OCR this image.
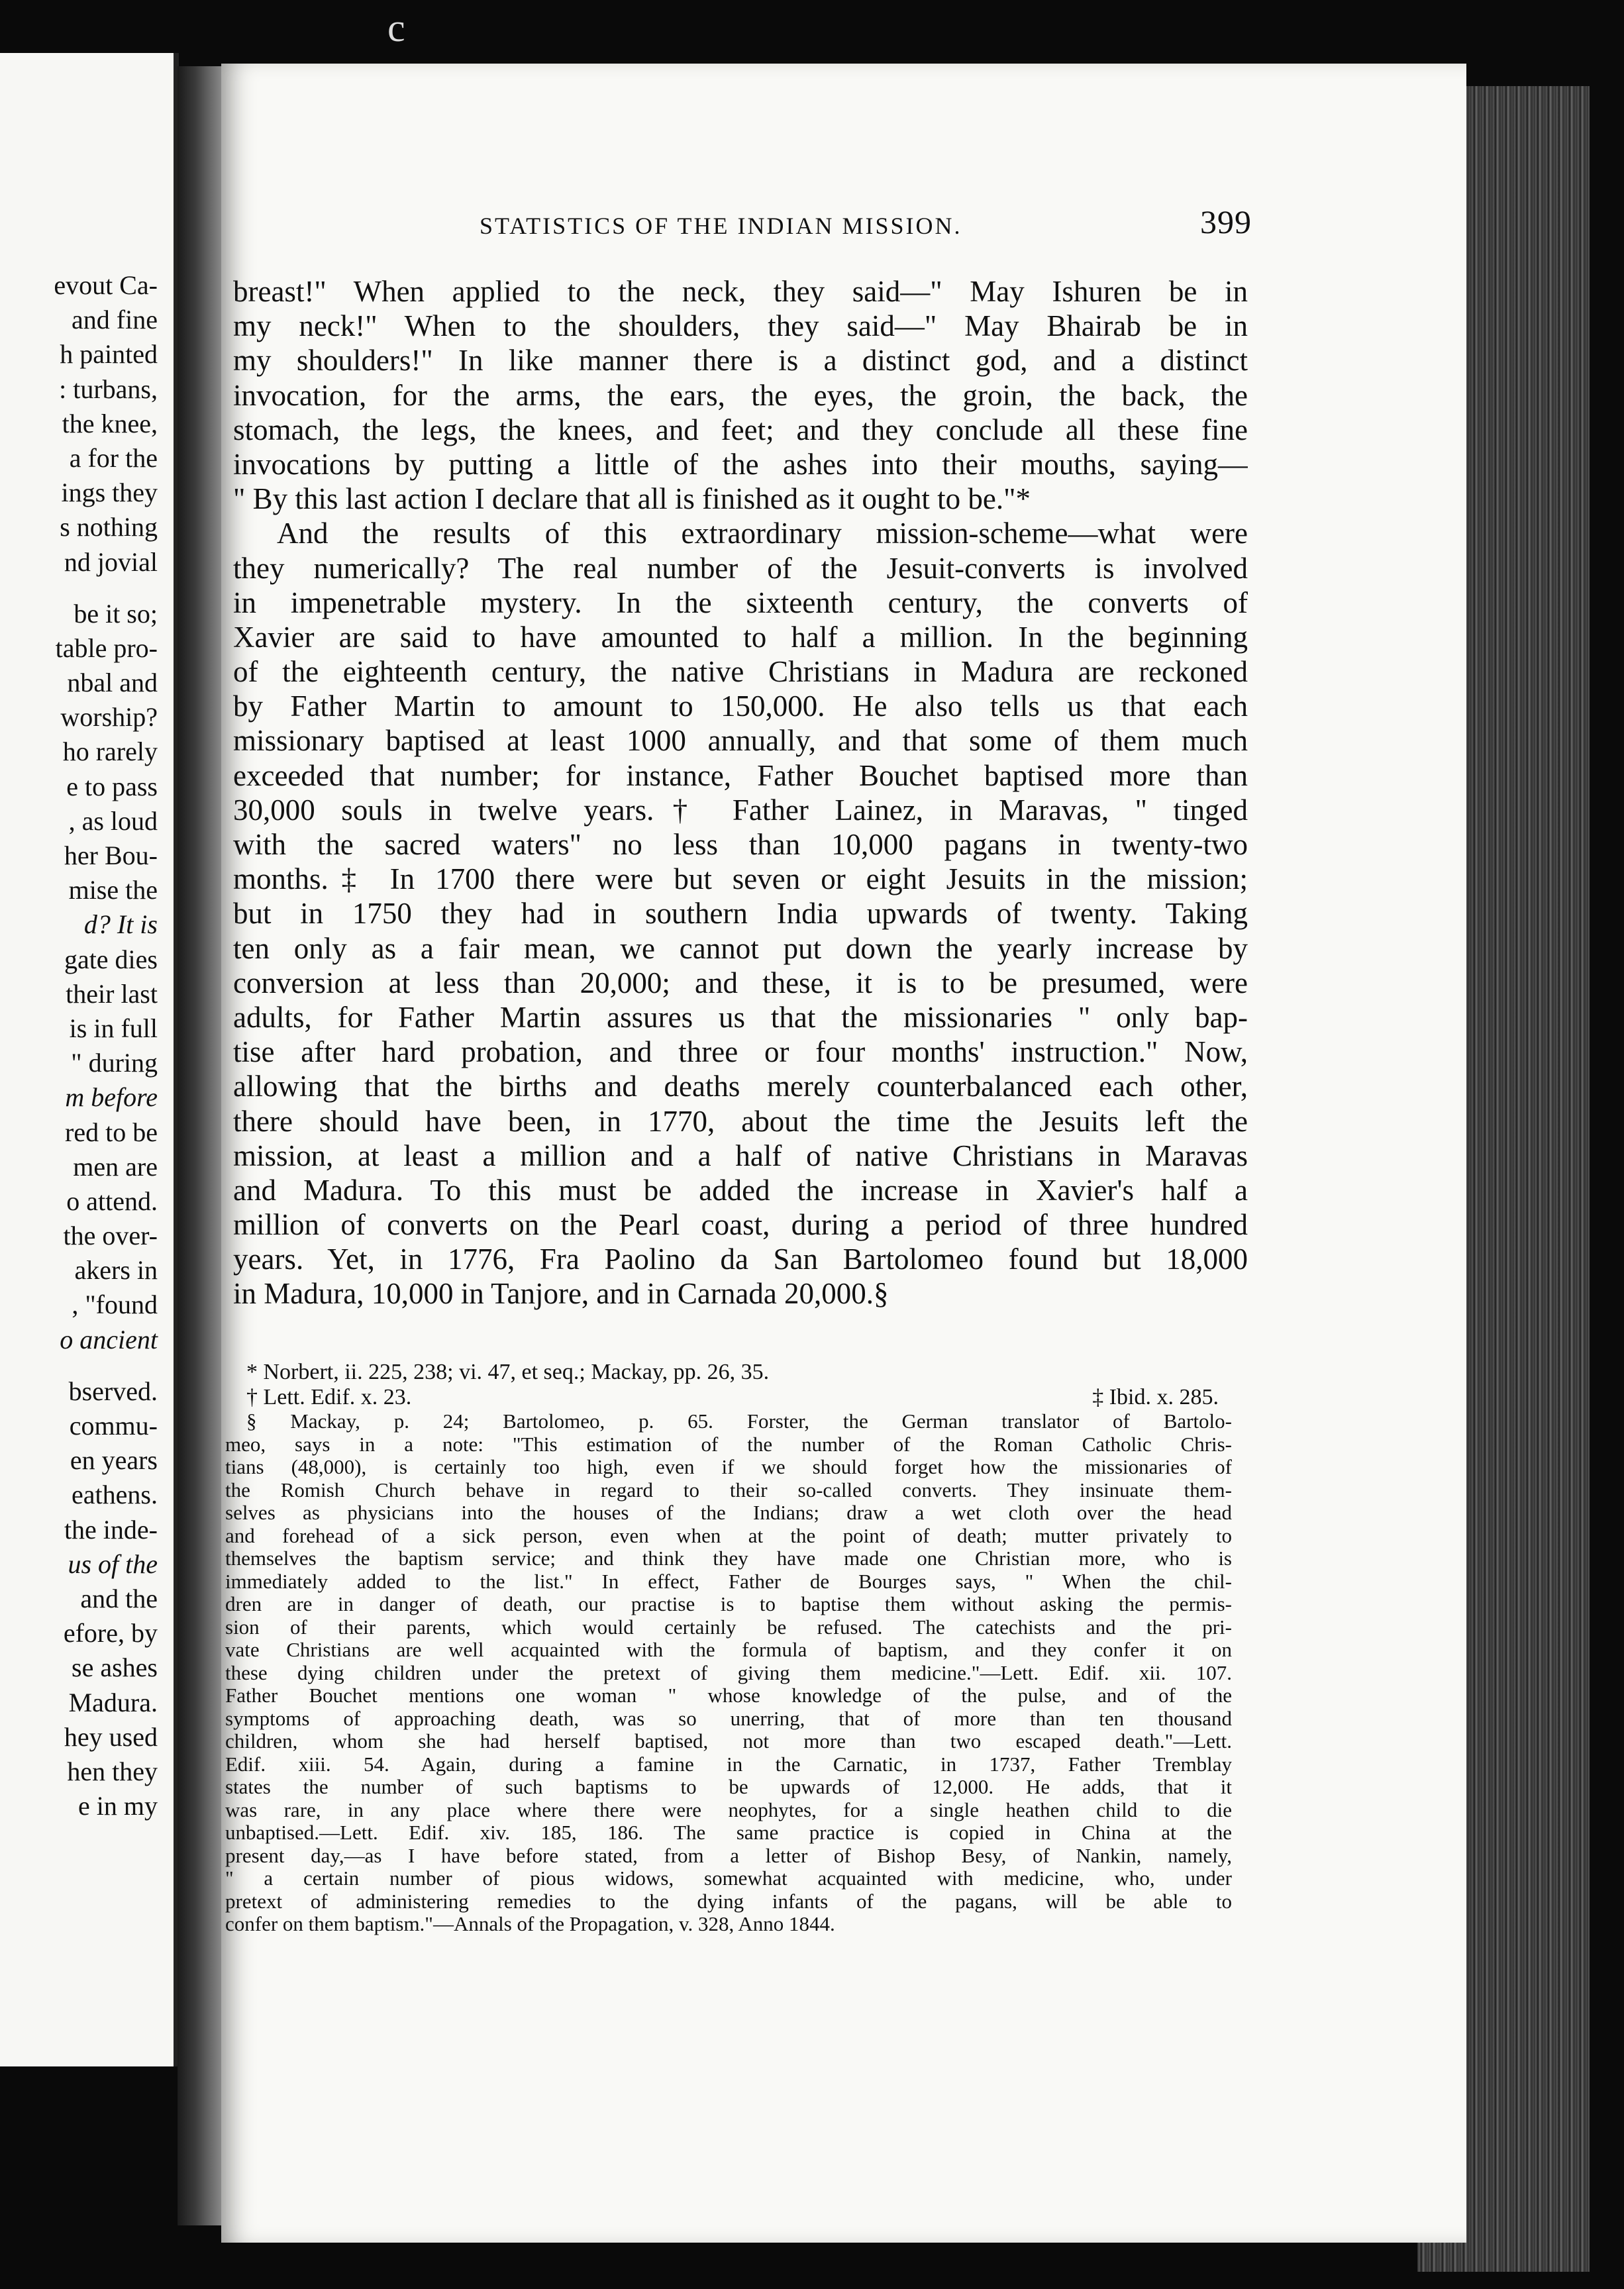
c
evout Ca-
and fine
h painted
: turbans,
the knee,
a for the
ings they
s nothing
nd jovial
be it so;
table pro-
nbal and
worship?
ho rarely
e to pass
, as loud
her Bou-
mise the
d? It is
gate dies
their last
is in full
" during
m before
red to be
men are
o attend.
the over-
akers in
, "found
o ancient
bserved.
commu-
en years
eathens.
the inde-
us of the
and the
efore, by
se ashes
Madura.
hey used
hen they
e in my
STATISTICS OF THE INDIAN MISSION.	399
breast!" When applied to the neck, they said—" May Ishuren be in
my neck!" When to the shoulders, they said—" May Bhairab be in
my shoulders!" In like manner there is a distinct god, and a distinct
invocation, for the arms, the ears, the eyes, the groin, the back, the
stomach, the legs, the knees, and feet; and they conclude all these fine
invocations by putting a little of the ashes into their mouths, saying—
" By this last action I declare that all is finished as it ought to be."*
And the results of this extraordinary mission-scheme—what were
they numerically? The real number of the Jesuit-converts is involved
in impenetrable mystery. In the sixteenth century, the converts of
Xavier are said to have amounted to half a million. In the beginning
of the eighteenth century, the native Christians in Madura are reckoned
by Father Martin to amount to 150,000. He also tells us that each
missionary baptised at least 1000 annually, and that some of them much
exceeded that number; for instance, Father Bouchet baptised more than
30,000 souls in twelve years.† Father Lainez, in Maravas, " tinged
with the sacred waters" no less than 10,000 pagans in twenty-two
months.‡ In 1700 there were but seven or eight Jesuits in the mission;
but in 1750 they had in southern India upwards of twenty. Taking
ten only as a fair mean, we cannot put down the yearly increase by
conversion at less than 20,000; and these, it is to be presumed, were
adults, for Father Martin assures us that the missionaries " only bap-
tise after hard probation, and three or four months' instruction." Now,
allowing that the births and deaths merely counterbalanced each other,
there should have been, in 1770, about the time the Jesuits left the
mission, at least a million and a half of native Christians in Maravas
and Madura. To this must be added the increase in Xavier's half a
million of converts on the Pearl coast, during a period of three hundred
years. Yet, in 1776, Fra Paolino da San Bartolomeo found but 18,000
in Madura, 10,000 in Tanjore, and in Carnada 20,000.§
* Norbert, ii. 225, 238; vi. 47, et seq.; Mackay, pp. 26, 35.
† Lett. Edif. x. 23.	‡ Ibid. x. 285.
§ Mackay, p. 24; Bartolomeo, p. 65. Forster, the German translator of Bartolo-
meo, says in a note: "This estimation of the number of the Roman Catholic Chris-
tians (48,000), is certainly too high, even if we should forget how the missionaries of
the Romish Church behave in regard to their so-called converts. They insinuate them-
selves as physicians into the houses of the Indians; draw a wet cloth over the head
and forehead of a sick person, even when at the point of death; mutter privately to
themselves the baptism service; and think they have made one Christian more, who is
immediately added to the list." In effect, Father de Bourges says, " When the chil-
dren are in danger of death, our practise is to baptise them without asking the permis-
sion of their parents, which would certainly be refused. The catechists and the pri-
vate Christians are well acquainted with the formula of baptism, and they confer it on
these dying children under the pretext of giving them medicine."—Lett. Edif. xii. 107.
Father Bouchet mentions one woman " whose knowledge of the pulse, and of the
symptoms of approaching death, was so unerring, that of more than ten thousand
children, whom she had herself baptised, not more than two escaped death."—Lett.
Edif. xiii. 54. Again, during a famine in the Carnatic, in 1737, Father Tremblay
states the number of such baptisms to be upwards of 12,000. He adds, that it
was rare, in any place where there were neophytes, for a single heathen child to die
unbaptised.—Lett. Edif. xiv. 185, 186. The same practice is copied in China at the
present day,—as I have before stated, from a letter of Bishop Besy, of Nankin, namely,
" a certain number of pious widows, somewhat acquainted with medicine, who, under
pretext of administering remedies to the dying infants of the pagans, will be able to
confer on them baptism."—Annals of the Propagation, v. 328, Anno 1844.
